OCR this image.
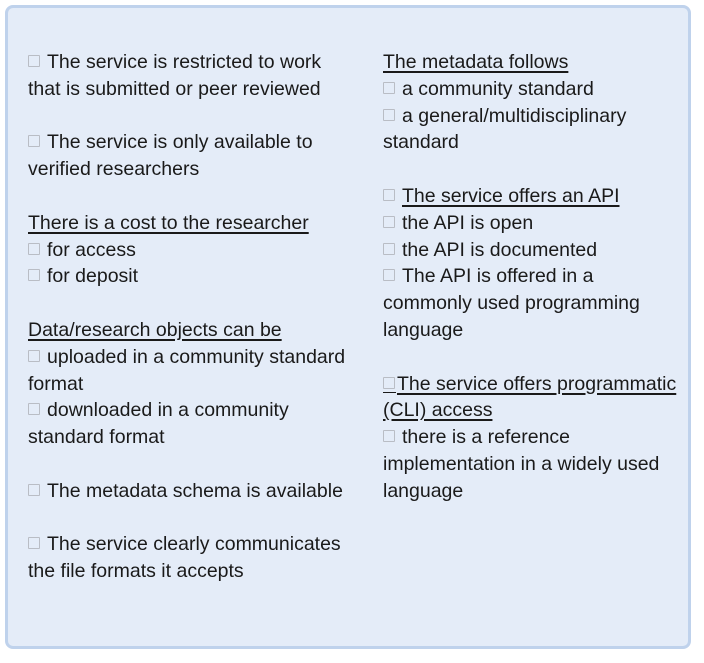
The service is restricted to work that is submitted or peer reviewed
The service is only available to verified researchers
There is a cost to the researcher
for access
for deposit
Data/research objects can be
uploaded in a community standard format
downloaded in a community standard format
The metadata schema is available
The service clearly communicates the file formats it accepts
The metadata follows
a community standard
a general/multidisciplinary standard
The service offers an API
the API is open
the API is documented
The API is offered in a commonly used programming language
The service offers programmatic (CLI) access
there is a reference implementation in a widely used language
